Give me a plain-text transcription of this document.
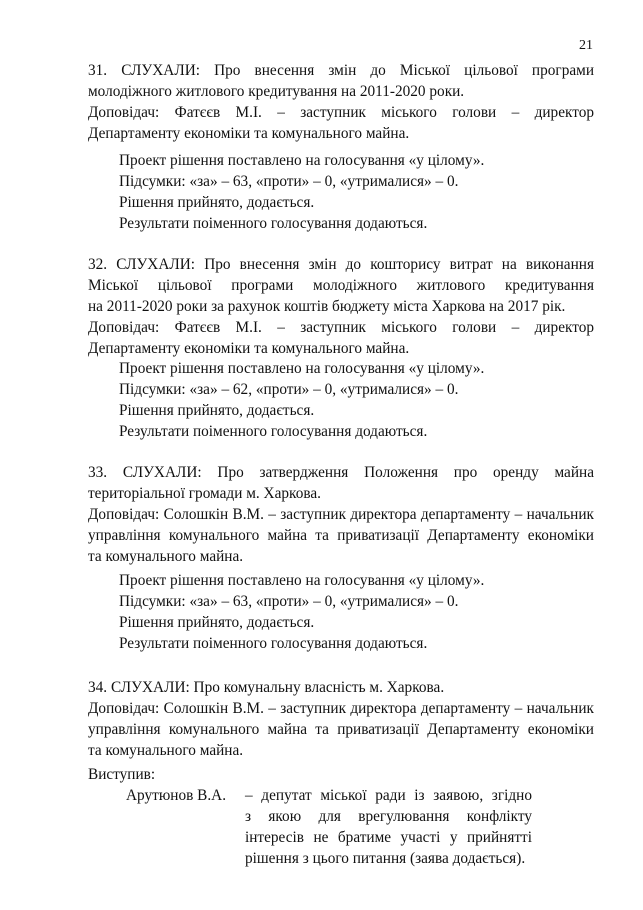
21
31. СЛУХАЛИ: Про внесення змін до Міської цільової програми
молодіжного житлового кредитування на 2011-2020 роки.
Доповідач: Фатєєв М.І. – заступник міського голови – директор
Департаменту економіки та комунального майна.
Проект рішення поставлено на голосування «у цілому».
Підсумки: «за» – 63, «проти» – 0, «утрималися» – 0.
Рішення прийнято, додається.
Результати поіменного голосування додаються.
32. СЛУХАЛИ: Про внесення змін до кошторису витрат на виконання
Міської цільової програми молодіжного житлового кредитування
на 2011-2020 роки за рахунок коштів бюджету міста Харкова на 2017 рік.
Доповідач: Фатєєв М.І. – заступник міського голови – директор
Департаменту економіки та комунального майна.
Проект рішення поставлено на голосування «у цілому».
Підсумки: «за» – 62, «проти» – 0, «утрималися» – 0.
Рішення прийнято, додається.
Результати поіменного голосування додаються.
33. СЛУХАЛИ: Про затвердження Положення про оренду майна
територіальної громади м. Харкова.
Доповідач: Солошкін В.М. – заступник директора департаменту – начальник
управління комунального майна та приватизації Департаменту економіки
та комунального майна.
Проект рішення поставлено на голосування «у цілому».
Підсумки: «за» – 63, «проти» – 0, «утрималися» – 0.
Рішення прийнято, додається.
Результати поіменного голосування додаються.
34. СЛУХАЛИ: Про комунальну власність м. Харкова.
Доповідач: Солошкін В.М. – заступник директора департаменту – начальник
управління комунального майна та приватизації Департаменту економіки
та комунального майна.
Виступив:
Арутюнов В.А. – депутат міської ради із заявою, згідно
з якою для врегулювання конфлікту
інтересів не братиме участі у прийнятті
рішення з цього питання (заява додається).
